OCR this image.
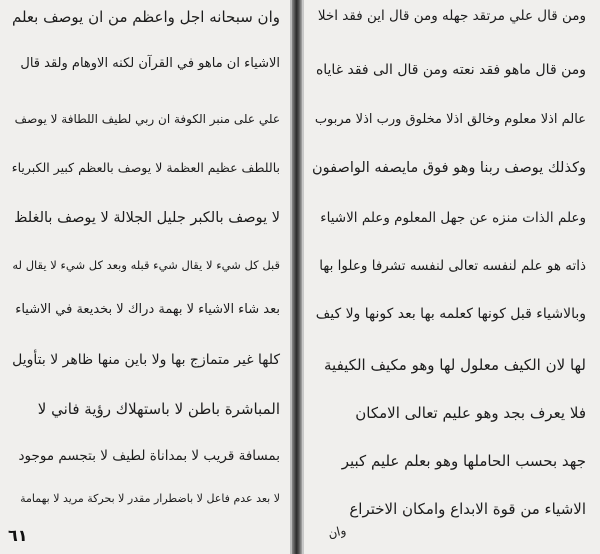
وان سبحانه اجل واعظم من ان يوصف بعلم
الاشياء ان ماهو في القرآن لكنه الاوهام ولقد قال
علي على منبر الكوفة ان ربي لطيف اللطافة لا يوصف
باللطف عظيم العظمة لا يوصف بالعظم كبير الكبرياء
لا يوصف بالكبر جليل الجلالة لا يوصف بالغلظ
قبل كل شيء لا يقال شيء قبله وبعد كل شيء لا يقال له
بعد شاء الاشياء لا بهمة دراك لا بخديعة في الاشياء
كلها غير متمازج بها ولا باين منها ظاهر لا بتأويل
المباشرة باطن لا باستهلاك رؤية فاني لا
بمسافة قريب لا بمداناة لطيف لا بتجسم موجود
لا بعد عدم فاعل لا باضطرار مقدر لا بحركة مريد لا بهمامة
٦١
ومن قال علي مرتقد جهله ومن قال اين فقد اخلا
ومن قال ماهو فقد نعته ومن قال الى فقد غاياه
عالم اذلا معلوم وخالق اذلا مخلوق ورب اذلا مربوب
وكذلك يوصف ربنا وهو فوق مايصفه الواصفون
وعلم الذات منزه عن جهل المعلوم وعلم الاشياء
ذاته هو علم لنفسه تعالى لنفسه تشرفا وعلوا بها
وبالاشياء قبل كونها كعلمه بها بعد كونها ولا كيف
لها لان الكيف معلول لها وهو مكيف الكيفية
فلا يعرف بجد وهو عليم تعالى الامكان
جهد بحسب الحاملها وهو بعلم عليم كبير
الاشياء من قوة الابداع وامكان الاختراع
وان
